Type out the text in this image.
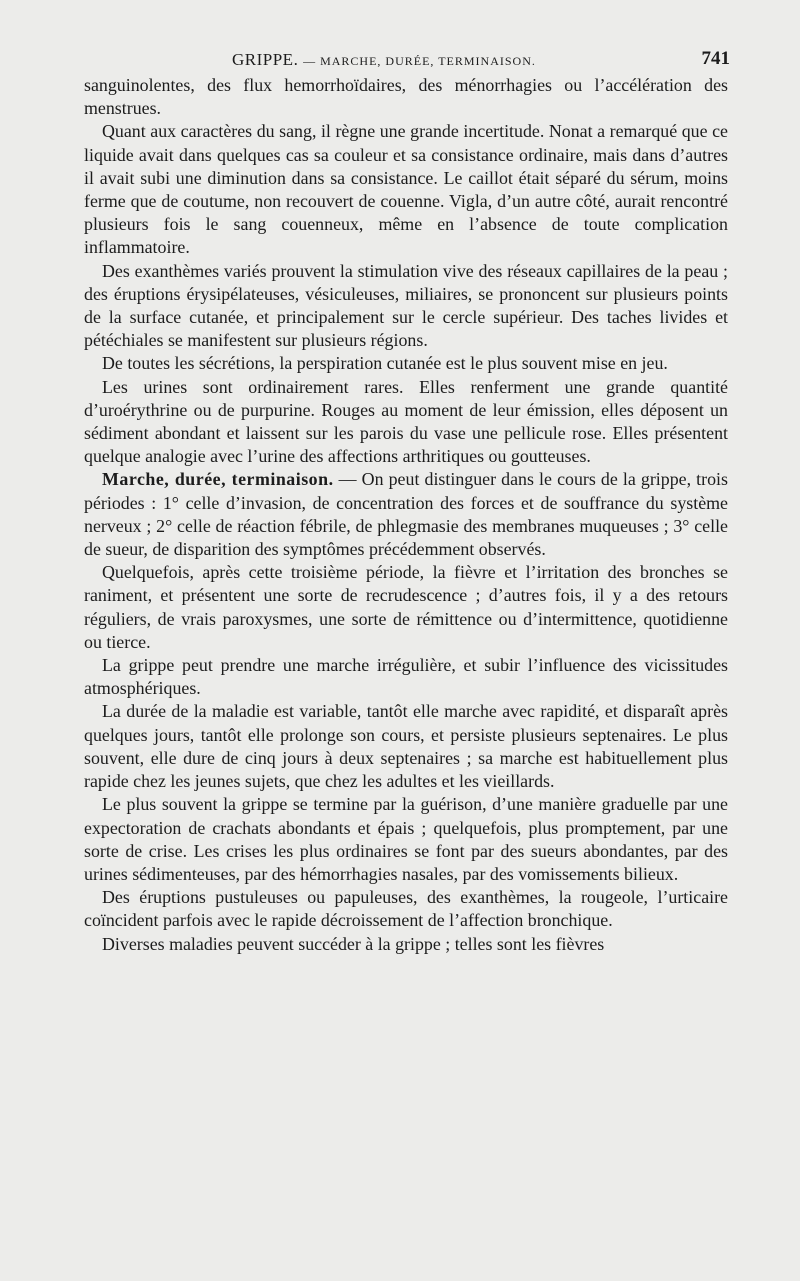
GRIPPE. — MARCHE, DURÉE, TERMINAISON.	741

sanguinolentes, des flux hemorrhoïdaires, des ménorrhagies ou l’accélération des menstrues.

Quant aux caractères du sang, il règne une grande incertitude. Nonat a remarqué que ce liquide avait dans quelques cas sa couleur et sa consistance ordinaire, mais dans d’autres il avait subi une diminution dans sa consistance. Le caillot était séparé du sérum, moins ferme que de coutume, non recouvert de couenne. Vigla, d’un autre côté, aurait rencontré plusieurs fois le sang couenneux, même en l’absence de toute complication inflammatoire.

Des exanthèmes variés prouvent la stimulation vive des réseaux capillaires de la peau ; des éruptions érysipélateuses, vésiculeuses, miliaires, se prononcent sur plusieurs points de la surface cutanée, et principalement sur le cercle supérieur. Des taches livides et pétéchiales se manifestent sur plusieurs régions.

De toutes les sécrétions, la perspiration cutanée est le plus souvent mise en jeu.

Les urines sont ordinairement rares. Elles renferment une grande quantité d’uroérythrine ou de purpurine. Rouges au moment de leur émission, elles déposent un sédiment abondant et laissent sur les parois du vase une pellicule rose. Elles présentent quelque analogie avec l’urine des affections arthritiques ou goutteuses.

Marche, durée, terminaison. — On peut distinguer dans le cours de la grippe, trois périodes : 1° celle d’invasion, de concentration des forces et de souffrance du système nerveux ; 2° celle de réaction fébrile, de phlegmasie des membranes muqueuses ; 3° celle de sueur, de disparition des symptômes précédemment observés.

Quelquefois, après cette troisième période, la fièvre et l’irritation des bronches se raniment, et présentent une sorte de recrudescence ; d’autres fois, il y a des retours réguliers, de vrais paroxysmes, une sorte de rémittence ou d’intermittence, quotidienne ou tierce.

La grippe peut prendre une marche irrégulière, et subir l’influence des vicissitudes atmosphériques.

La durée de la maladie est variable, tantôt elle marche avec rapidité, et disparaît après quelques jours, tantôt elle prolonge son cours, et persiste plusieurs septenaires. Le plus souvent, elle dure de cinq jours à deux septenaires ; sa marche est habituellement plus rapide chez les jeunes sujets, que chez les adultes et les vieillards.

Le plus souvent la grippe se termine par la guérison, d’une manière graduelle par une expectoration de crachats abondants et épais ; quelquefois, plus promptement, par une sorte de crise. Les crises les plus ordinaires se font par des sueurs abondantes, par des urines sédimenteuses, par des hémorrhagies nasales, par des vomissements bilieux.

Des éruptions pustuleuses ou papuleuses, des exanthèmes, la rougeole, l’urticaire coïncident parfois avec le rapide décroissement de l’affection bronchique.

Diverses maladies peuvent succéder à la grippe ; telles sont les fièvres
